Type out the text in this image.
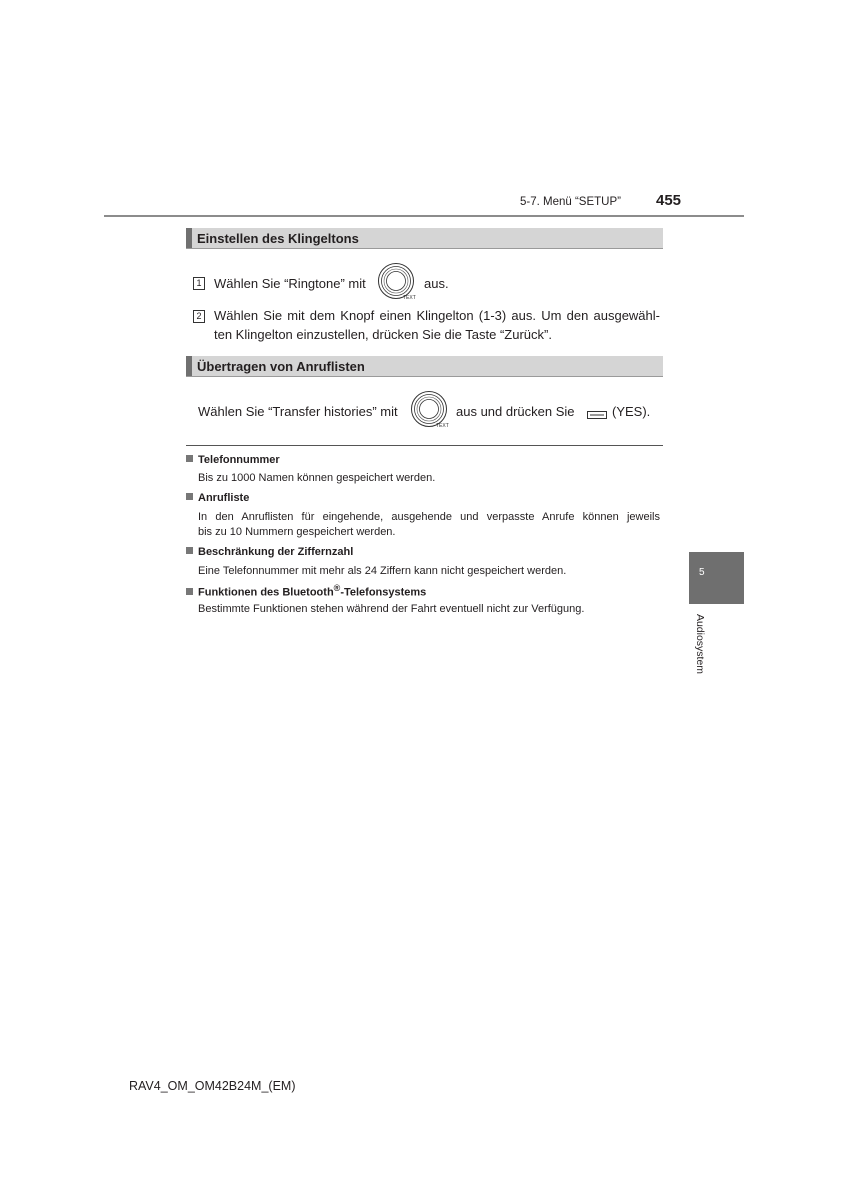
5-7. Menü “SETUP” 455
Einstellen des Klingeltons
1 Wählen Sie “Ringtone” mit
TEXT
aus.
2 Wählen Sie mit dem Knopf einen Klingelton (1-3) aus. Um den ausgewähl-
ten Klingelton einzustellen, drücken Sie die Taste “Zurück”.
Übertragen von Anruflisten
Wählen Sie “Transfer histories” mit
TEXT
aus und drücken Sie	(YES).
Telefonnummer
Bis zu 1000 Namen können gespeichert werden.
Anrufliste
In den Anruflisten für eingehende, ausgehende und verpasste Anrufe können jeweils
bis zu 10 Nummern gespeichert werden.
Beschränkung der Ziffernzahl
Eine Telefonnummer mit mehr als 24 Ziffern kann nicht gespeichert werden.
Funktionen des Bluetooth®-Telefonsystems
Bestimmte Funktionen stehen während der Fahrt eventuell nicht zur Verfügung.
5
Audiosystem
RAV4_OM_OM42B24M_(EM)
